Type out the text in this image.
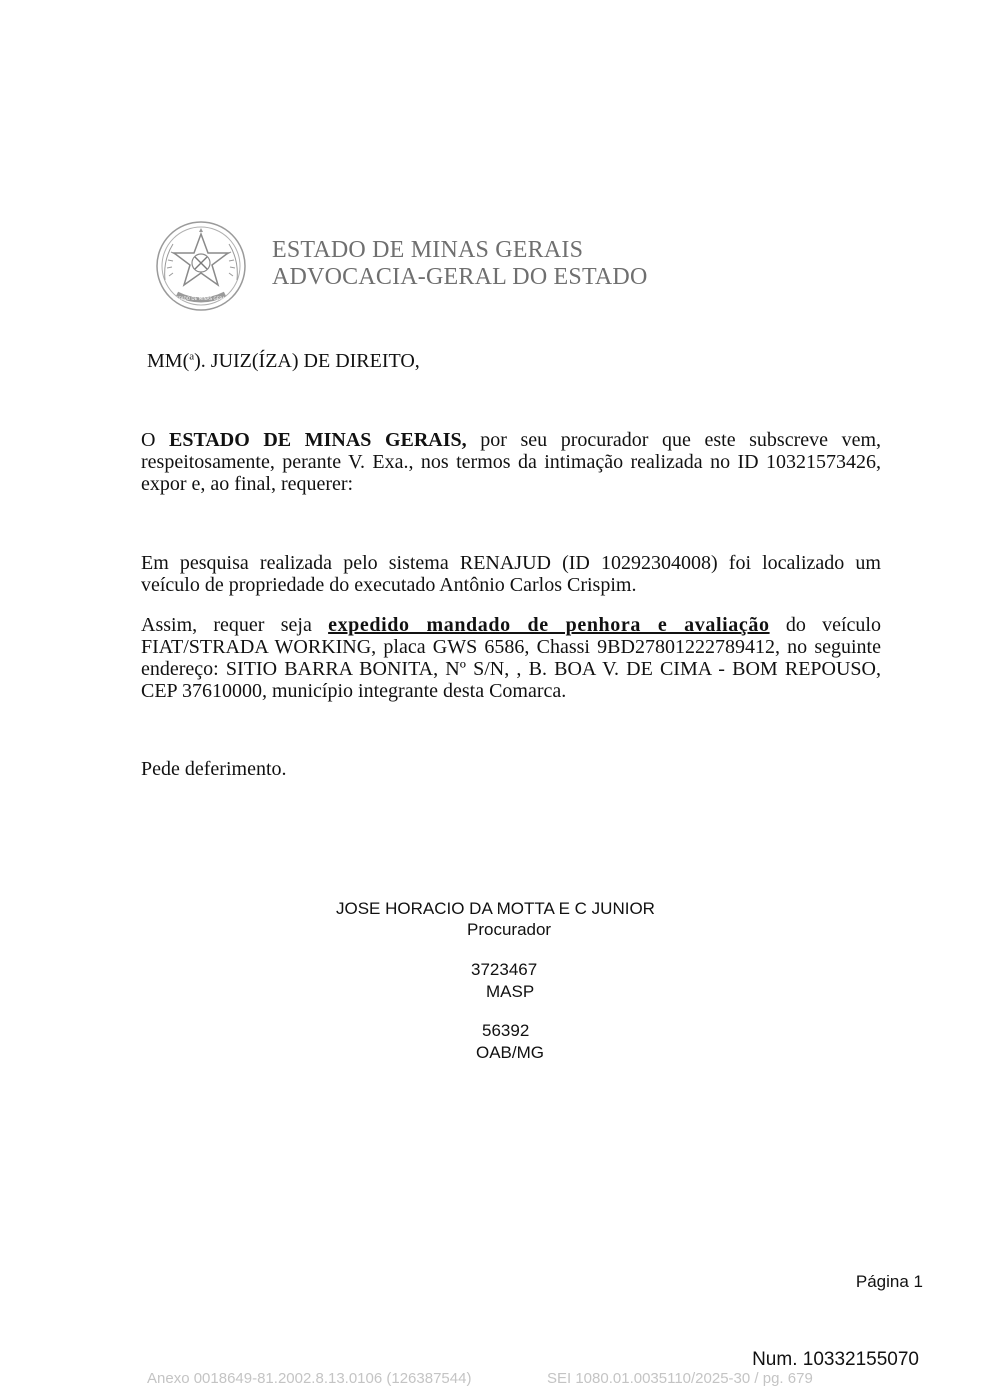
ESTADO DE MINAS GERAIS
ESTADO DE MINAS GERAIS
ADVOCACIA-GERAL DO ESTADO
MM($^a$). JUIZ(ÍZA) DE DIREITO,
O ESTADO DE MINAS GERAIS, por seu procurador que este subscreve vem, respeitosamente, perante V. Exa., nos termos da intimação realizada no ID 10321573426, expor e, ao final, requerer:
Em pesquisa realizada pelo sistema RENAJUD (ID 10292304008) foi localizado um veículo de propriedade do executado Antônio Carlos Crispim.
Assim, requer seja expedido mandado de penhora e avaliação do veículo FIAT/STRADA WORKING, placa GWS 6586, Chassi 9BD27801222789412, no seguinte endereço: SITIO BARRA BONITA, Nº S/N, , B. BOA V. DE CIMA - BOM REPOUSO, CEP 37610000, município integrante desta Comarca.
Pede deferimento.
JOSE HORACIO DA MOTTA E C JUNIOR
Procurador
3723467
MASP
56392
OAB/MG
Página 1
Num. 10332155070
Anexo 0018649-81.2002.8.13.0106 (126387544)	SEI 1080.01.0035110/2025-30 / pg. 679
